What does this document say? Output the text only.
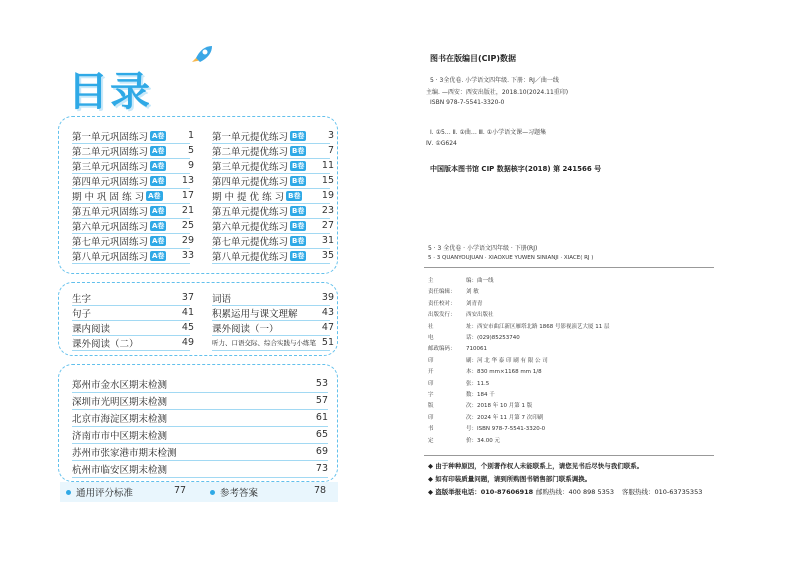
目录
第一单元巩固练习 A卷	1
第二单元巩固练习 A卷	5
第三单元巩固练习 A卷	9
第四单元巩固练习 A卷	13
期 中 巩 固 练 习 A卷	17
第五单元巩固练习 A卷	21
第六单元巩固练习 A卷	25
第七单元巩固练习 A卷	29
第八单元巩固练习 A卷	33
第一单元提优练习 B卷	3
第二单元提优练习 B卷	7
第三单元提优练习 B卷	11
第四单元提优练习 B卷	15
期 中 提 优 练 习 B卷	19
第五单元提优练习 B卷	23
第六单元提优练习 B卷	27
第七单元提优练习 B卷	31
第八单元提优练习 B卷	35
生字	37
句子	41
课内阅读	45
课外阅读（二）	49
词语	39
积累运用与课文理解	43
课外阅读（一）	47
听力、口语交际、综合实践与小练笔 51
郑州市金水区期末检测	53
深圳市光明区期末检测	57
北京市海淀区期末检测	61
济南市市中区期末检测	65
苏州市张家港市期末检测	69
杭州市临安区期末检测	73
通用评分标准	77	参考答案	78
图书在版编目(CIP)数据
5 · 3全优卷. 小学语文四年级. 下册：RJ／曲一线
主编. —西安：西安出版社，2018.10(2024.11重印)
ISBN 978-7-5541-3320-0
Ⅰ. ①5… Ⅱ. ①曲… Ⅲ. ①小学语文课—习题集
Ⅳ. ①G624
中国版本图书馆 CIP 数据核字(2018) 第 241566 号
5 · 3 全优卷 · 小学语文四年级 · 下册(RJ)
5 · 3 QUANYOUJUAN · XIAOXUE YUWEN SINIANJI · XIACE( RJ )
主	编：曲一线
责任编辑： 刘 敏
责任校对： 刘青青
出版发行： 西安出版社
社	址：西安市曲江新区雁塔北路 1868 号影视演艺大厦 11 层
电	话：(029)85253740
邮政编码： 710061
印	刷：河 北 华 泰 印 刷 有 限 公 司
开	本：830 mm×1168 mm 1/8
印	张：11.5
字	数：184 千
版	次：2018 年 10 月第 1 版
印	次：2024 年 11 月第 7 次印刷
书	号：ISBN 978-7-5541-3320-0
定	价：34.00 元
◆ 由于种种原因，个别著作权人未能联系上，请您见书后尽快与我们联系。
◆ 如有印装质量问题，请到所购图书销售部门联系调换。
◆ 盗版举报电话：010-87606918 邮购热线：400 898 5353 客服热线：010-63735353
